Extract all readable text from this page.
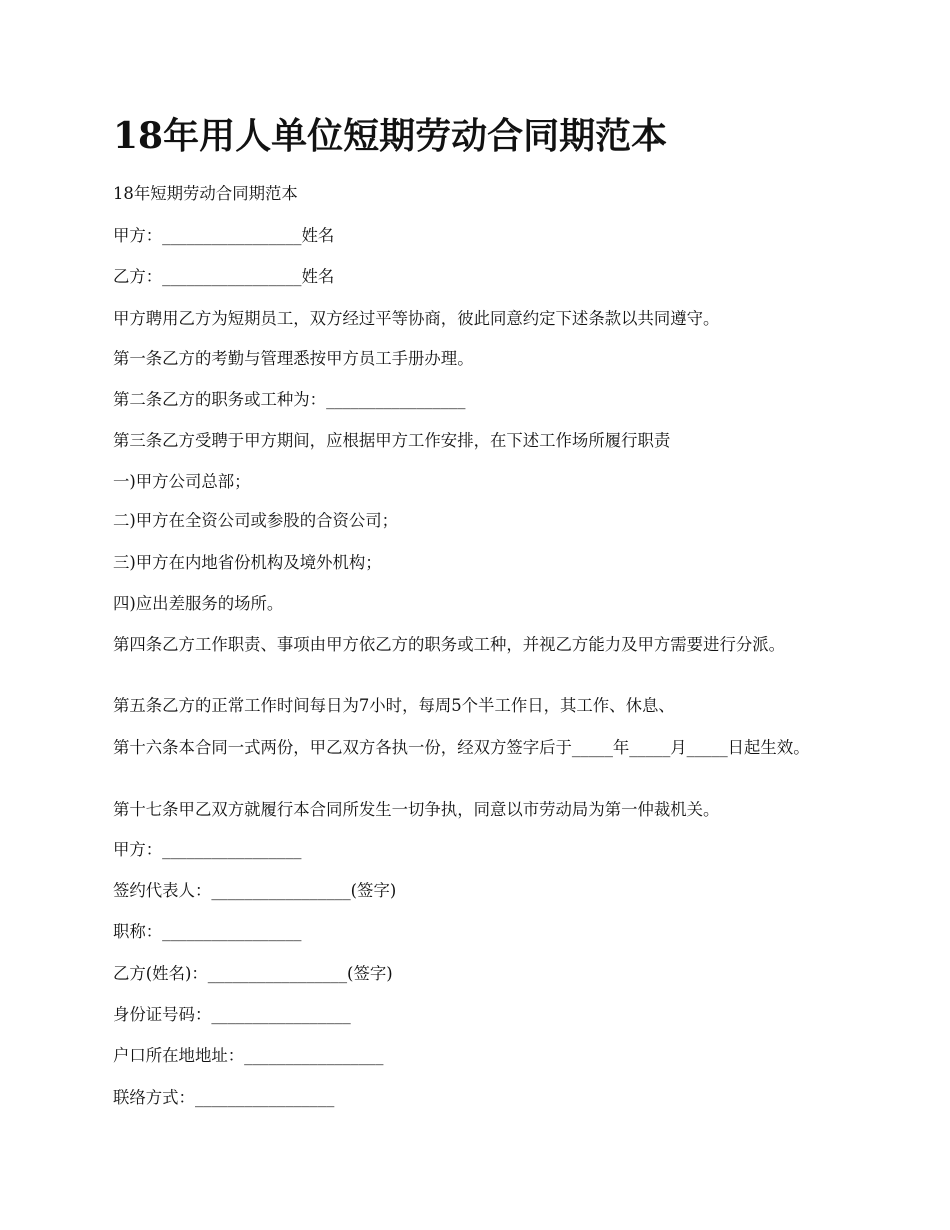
18年用人单位短期劳动合同期范本

18年短期劳动合同期范本

甲方：_________________姓名

乙方：_________________姓名

甲方聘用乙方为短期员工，双方经过平等协商，彼此同意约定下述条款以共同遵守。

第一条乙方的考勤与管理悉按甲方员工手册办理。

第二条乙方的职务或工种为：_________________

第三条乙方受聘于甲方期间，应根据甲方工作安排，在下述工作场所履行职责

一)甲方公司总部；

二)甲方在全资公司或参股的合资公司；

三)甲方在内地省份机构及境外机构；

四)应出差服务的场所。

第四条乙方工作职责、事项由甲方依乙方的职务或工种，并视乙方能力及甲方需要进行分派。

第五条乙方的正常工作时间每日为7小时，每周5个半工作日，其工作、休息、

第十六条本合同一式两份，甲乙双方各执一份，经双方签字后于_____年_____月_____日起生效。

第十七条甲乙双方就履行本合同所发生一切争执，同意以市劳动局为第一仲裁机关。

甲方：_________________

签约代表人：_________________(签字)

职称：_________________

乙方(姓名)：_________________(签字)

身份证号码：_________________

户口所在地地址：_________________

联络方式：_________________
